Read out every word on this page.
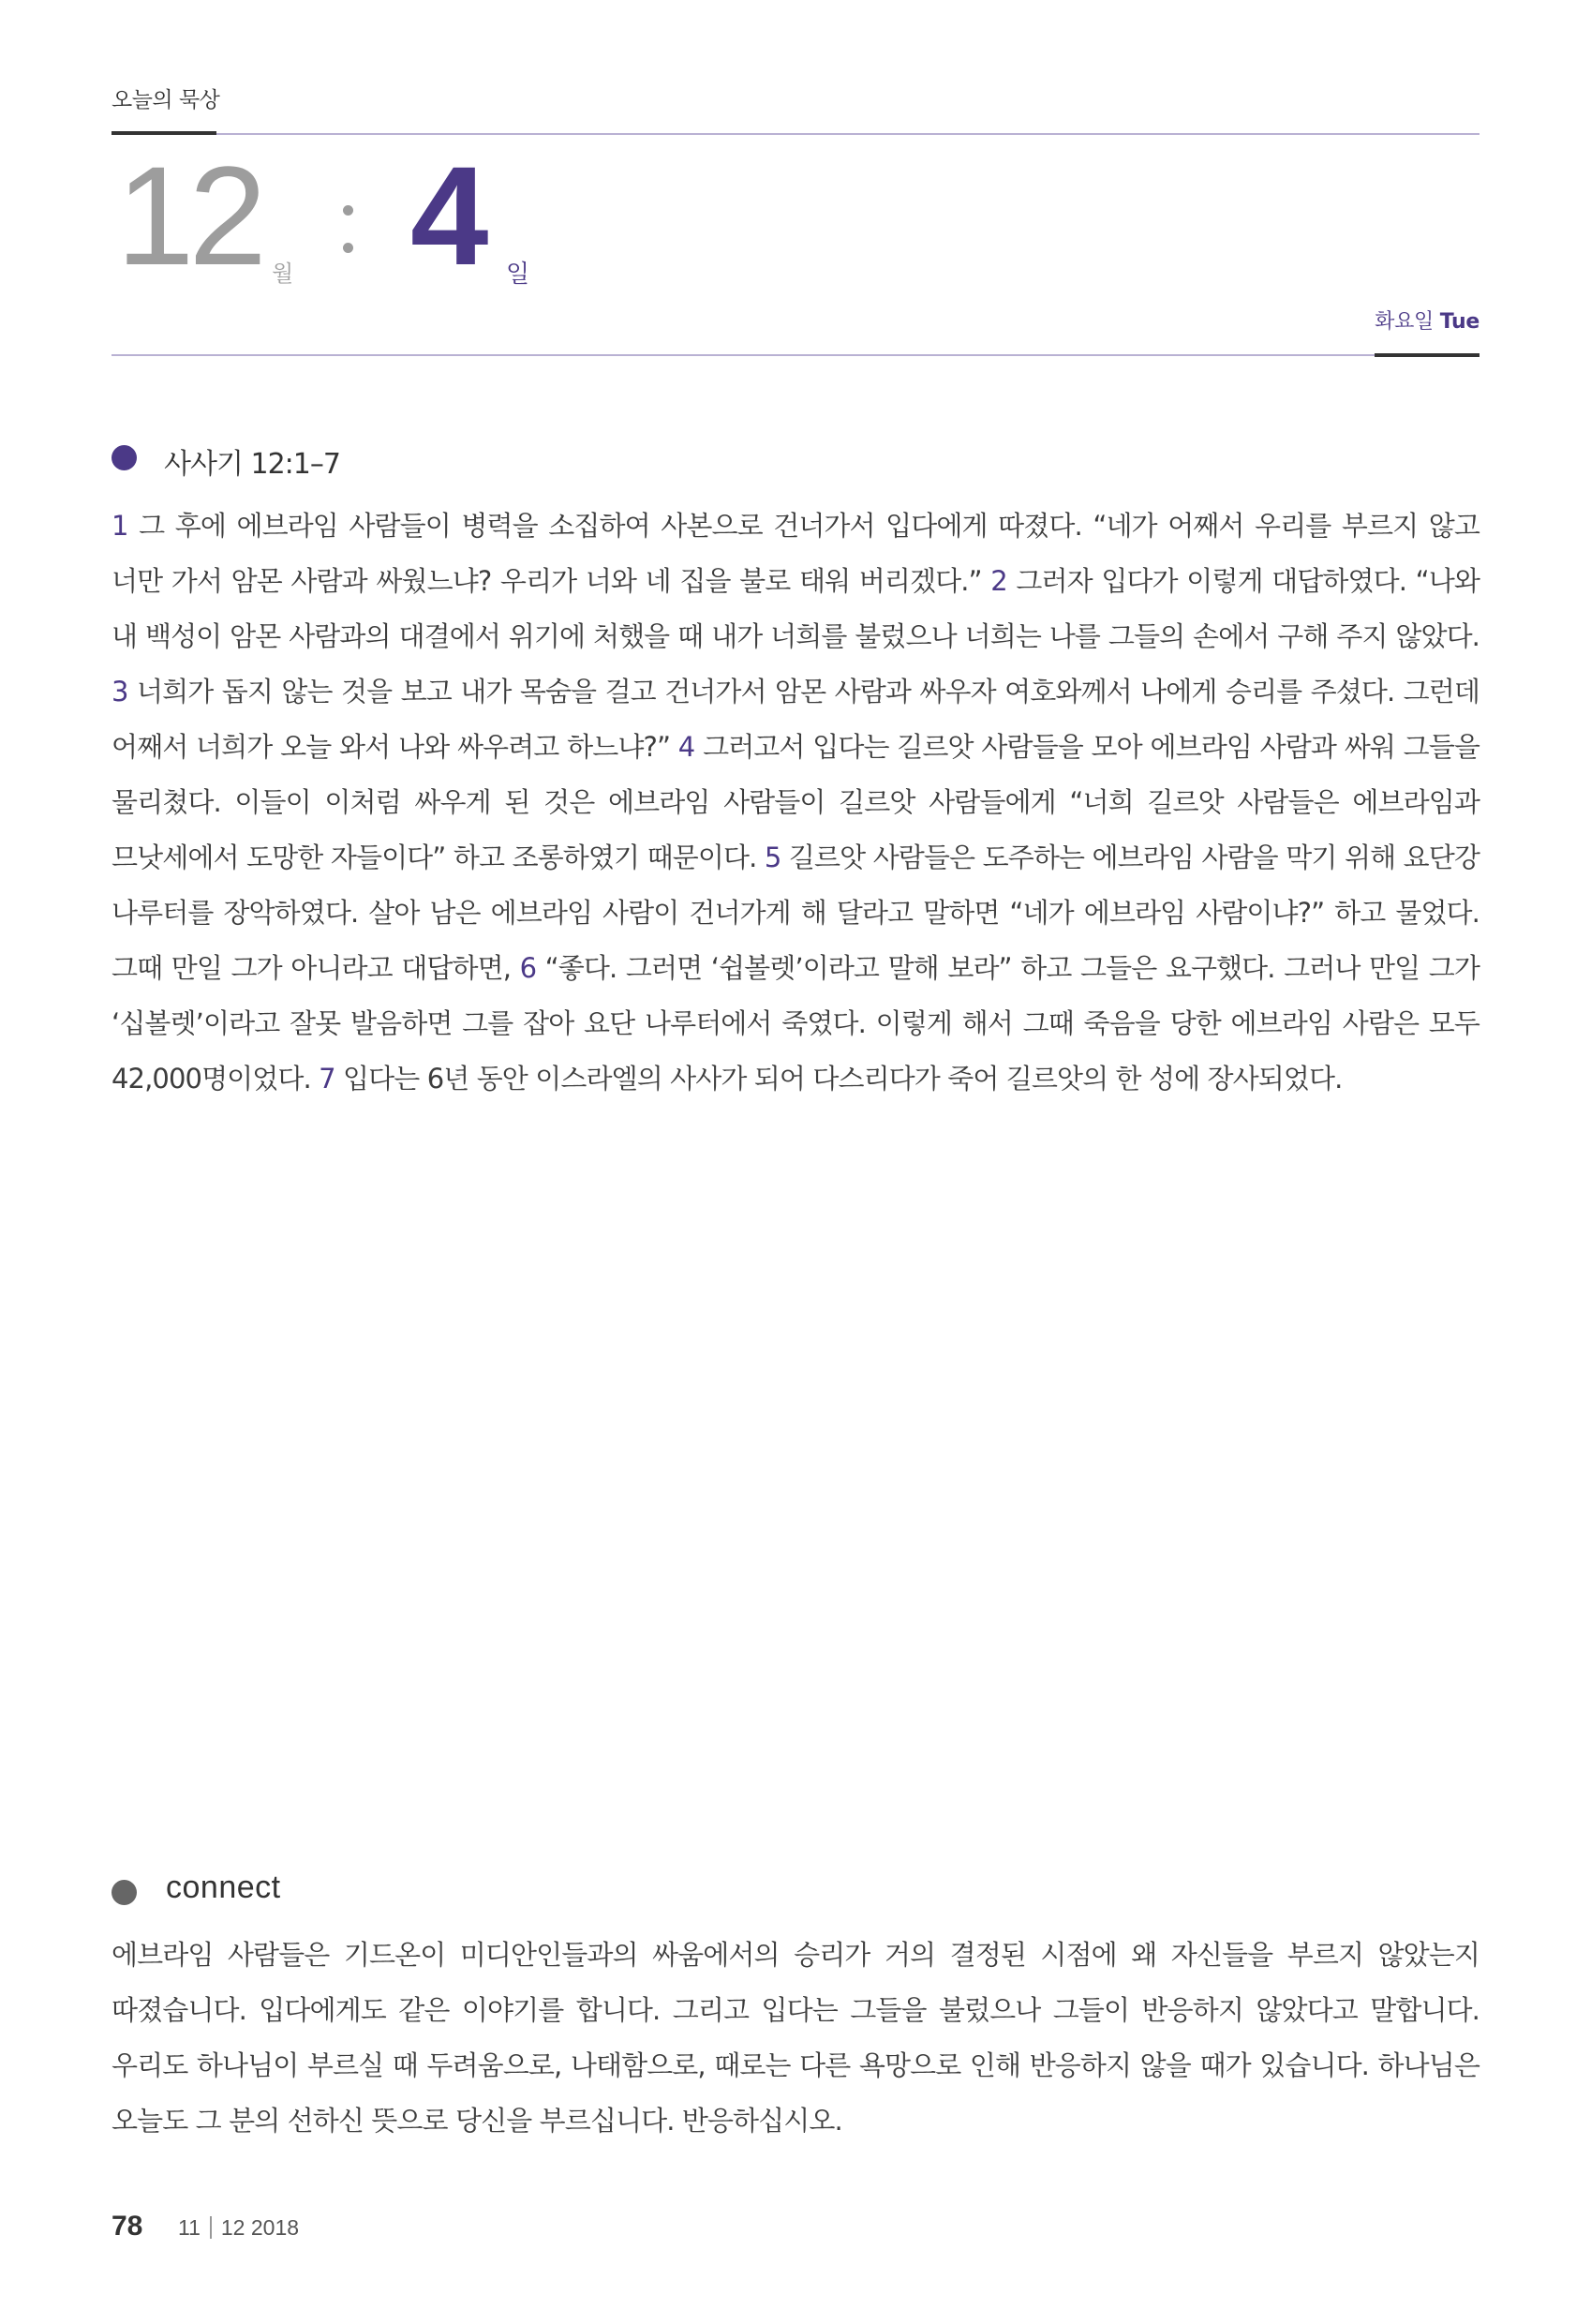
오늘의 묵상
12 월 4 일
화요일 Tue
사사기 12:1–7
1 그 후에 에브라임 사람들이 병력을 소집하여 사본으로 건너가서 입다에게 따졌다. “네가 어째서 우리를 부르지 않고 너만 가서 암몬 사람과 싸웠느냐? 우리가 너와 네 집을 불로 태워 버리겠다.” 2 그러자 입다가 이렇게 대답하였다. “나와 내 백성이 암몬 사람과의 대결에서 위기에 처했을 때 내가 너희를 불렀으나 너희는 나를 그들의 손에서 구해 주지 않았다. 3 너희가 돕지 않는 것을 보고 내가 목숨을 걸고 건너가서 암몬 사람과 싸우자 여호와께서 나에게 승리를 주셨다. 그런데 어째서 너희가 오늘 와서 나와 싸우려고 하느냐?” 4 그러고서 입다는 길르앗 사람들을 모아 에브라임 사람과 싸워 그들을 물리쳤다. 이들이 이처럼 싸우게 된 것은 에브라임 사람들이 길르앗 사람들에게 “너희 길르앗 사람들은 에브라임과 므낫세에서 도망한 자들이다” 하고 조롱하였기 때문이다. 5 길르앗 사람들은 도주하는 에브라임 사람을 막기 위해 요단강 나루터를 장악하였다. 살아 남은 에브라임 사람이 건너가게 해 달라고 말하면 “네가 에브라임 사람이냐?” 하고 물었다. 그때 만일 그가 아니라고 대답하면, 6 “좋다. 그러면 ‘쉽볼렛’이라고 말해 보라” 하고 그들은 요구했다. 그러나 만일 그가 ‘십볼렛’이라고 잘못 발음하면 그를 잡아 요단 나루터에서 죽였다. 이렇게 해서 그때 죽음을 당한 에브라임 사람은 모두 42,000명이었다. 7 입다는 6년 동안 이스라엘의 사사가 되어 다스리다가 죽어 길르앗의 한 성에 장사되었다.
connect
에브라임 사람들은 기드온이 미디안인들과의 싸움에서의 승리가 거의 결정된 시점에 왜 자신들을 부르지 않았는지 따졌습니다. 입다에게도 같은 이야기를 합니다. 그리고 입다는 그들을 불렀으나 그들이 반응하지 않았다고 말합니다. 우리도 하나님이 부르실 때 두려움으로, 나태함으로, 때로는 다른 욕망으로 인해 반응하지 않을 때가 있습니다. 하나님은 오늘도 그 분의 선하신 뜻으로 당신을 부르십니다. 반응하십시오.
78 11 12 2018
